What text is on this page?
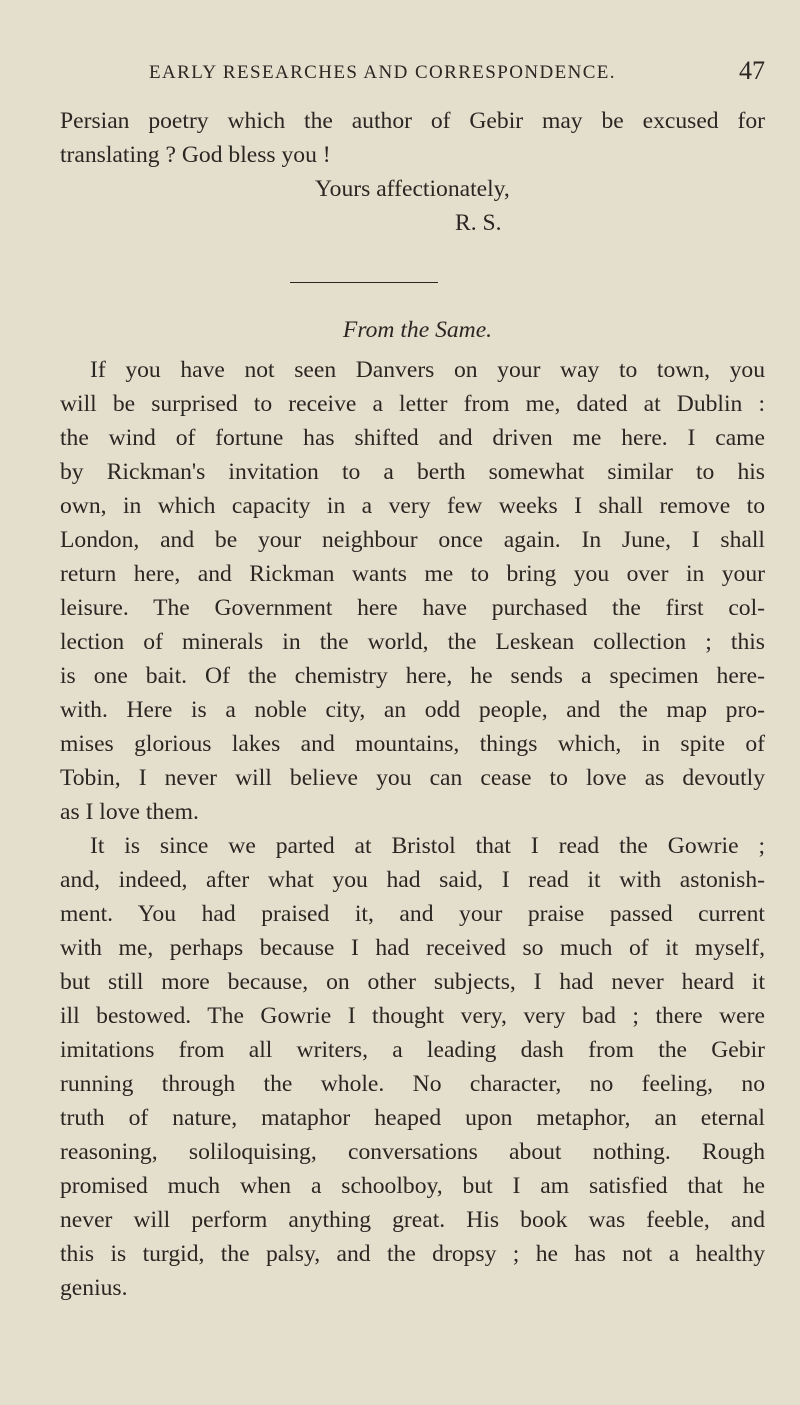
EARLY RESEARCHES AND CORRESPONDENCE.	47
Persian poetry which the author of Gebir may be excused for
translating ? God bless you !
Yours affectionately,
R. S.
From the Same.
If you have not seen Danvers on your way to town, you
will be surprised to receive a letter from me, dated at Dublin :
the wind of fortune has shifted and driven me here. I came
by Rickman's invitation to a berth somewhat similar to his
own, in which capacity in a very few weeks I shall remove to
London, and be your neighbour once again. In June, I shall
return here, and Rickman wants me to bring you over in your
leisure. The Government here have purchased the first col-
lection of minerals in the world, the Leskean collection ; this
is one bait. Of the chemistry here, he sends a specimen here-
with. Here is a noble city, an odd people, and the map pro-
mises glorious lakes and mountains, things which, in spite of
Tobin, I never will believe you can cease to love as devoutly
as I love them.
It is since we parted at Bristol that I read the Gowrie ;
and, indeed, after what you had said, I read it with astonish-
ment. You had praised it, and your praise passed current
with me, perhaps because I had received so much of it myself,
but still more because, on other subjects, I had never heard it
ill bestowed. The Gowrie I thought very, very bad ; there were
imitations from all writers, a leading dash from the Gebir
running through the whole. No character, no feeling, no
truth of nature, mataphor heaped upon metaphor, an eternal
reasoning, soliloquising, conversations about nothing. Rough
promised much when a schoolboy, but I am satisfied that he
never will perform anything great. His book was feeble, and
this is turgid, the palsy, and the dropsy ; he has not a healthy
genius.
